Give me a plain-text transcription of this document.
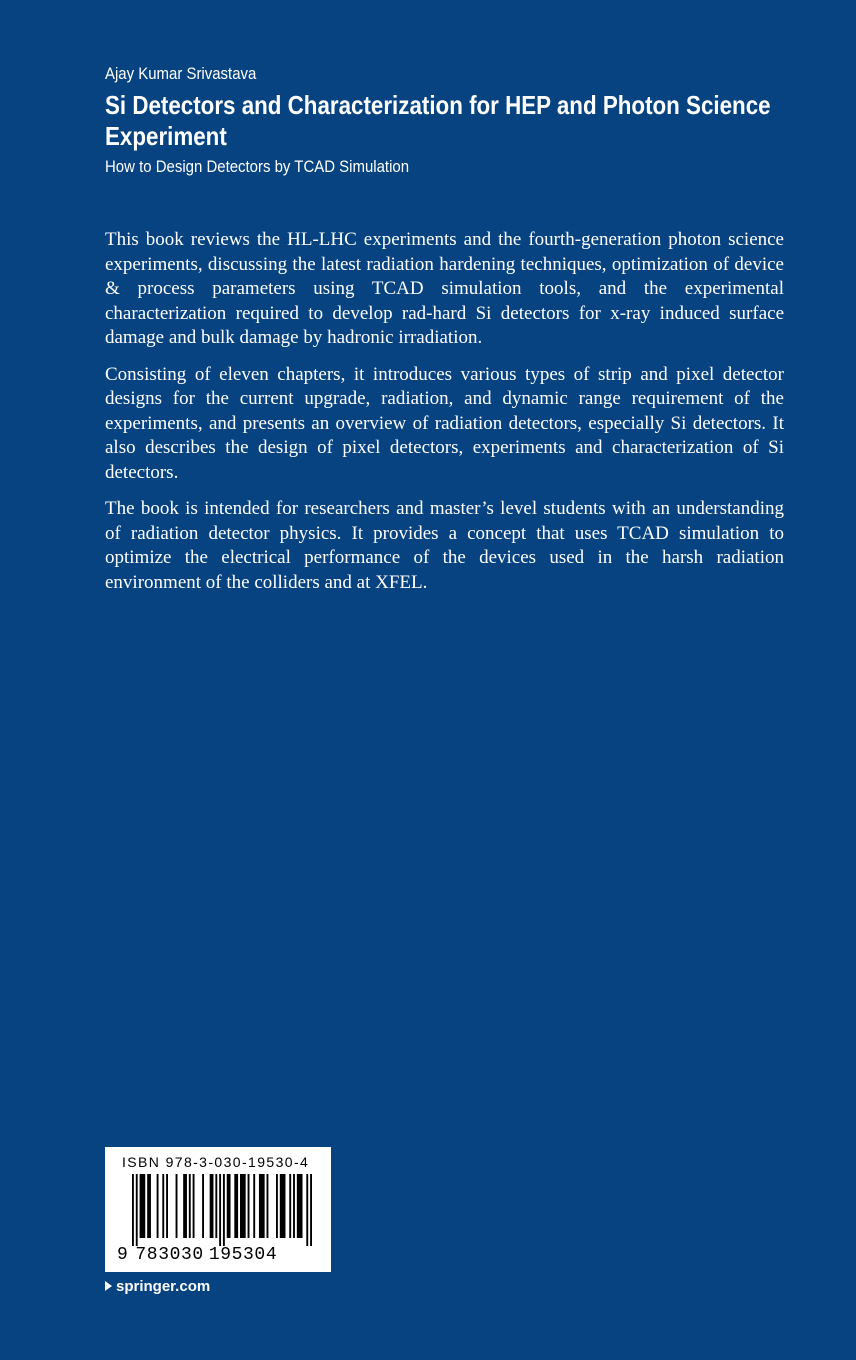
Ajay Kumar Srivastava
Si Detectors and Characterization for HEP and Photon Science Experiment
How to Design Detectors by TCAD Simulation

This book reviews the HL-LHC experiments and the fourth-generation photon science experiments, discussing the latest radiation hardening techniques, optimization of device & process parameters using TCAD simulation tools, and the experimental characterization required to develop rad-hard Si detectors for x-ray induced surface damage and bulk damage by hadronic irradiation.

Consisting of eleven chapters, it introduces various types of strip and pixel detector designs for the current upgrade, radiation, and dynamic range requirement of the experiments, and presents an overview of radiation detectors, especially Si detectors. It also describes the design of pixel detectors, experiments and characterization of Si detectors.

The book is intended for researchers and master’s level students with an understanding of radiation detector physics. It provides a concept that uses TCAD simulation to optimize the electrical performance of the devices used in the harsh radiation environment of the colliders and at XFEL.

ISBN 978-3-030-19530-4
9 783030 195304
springer.com
